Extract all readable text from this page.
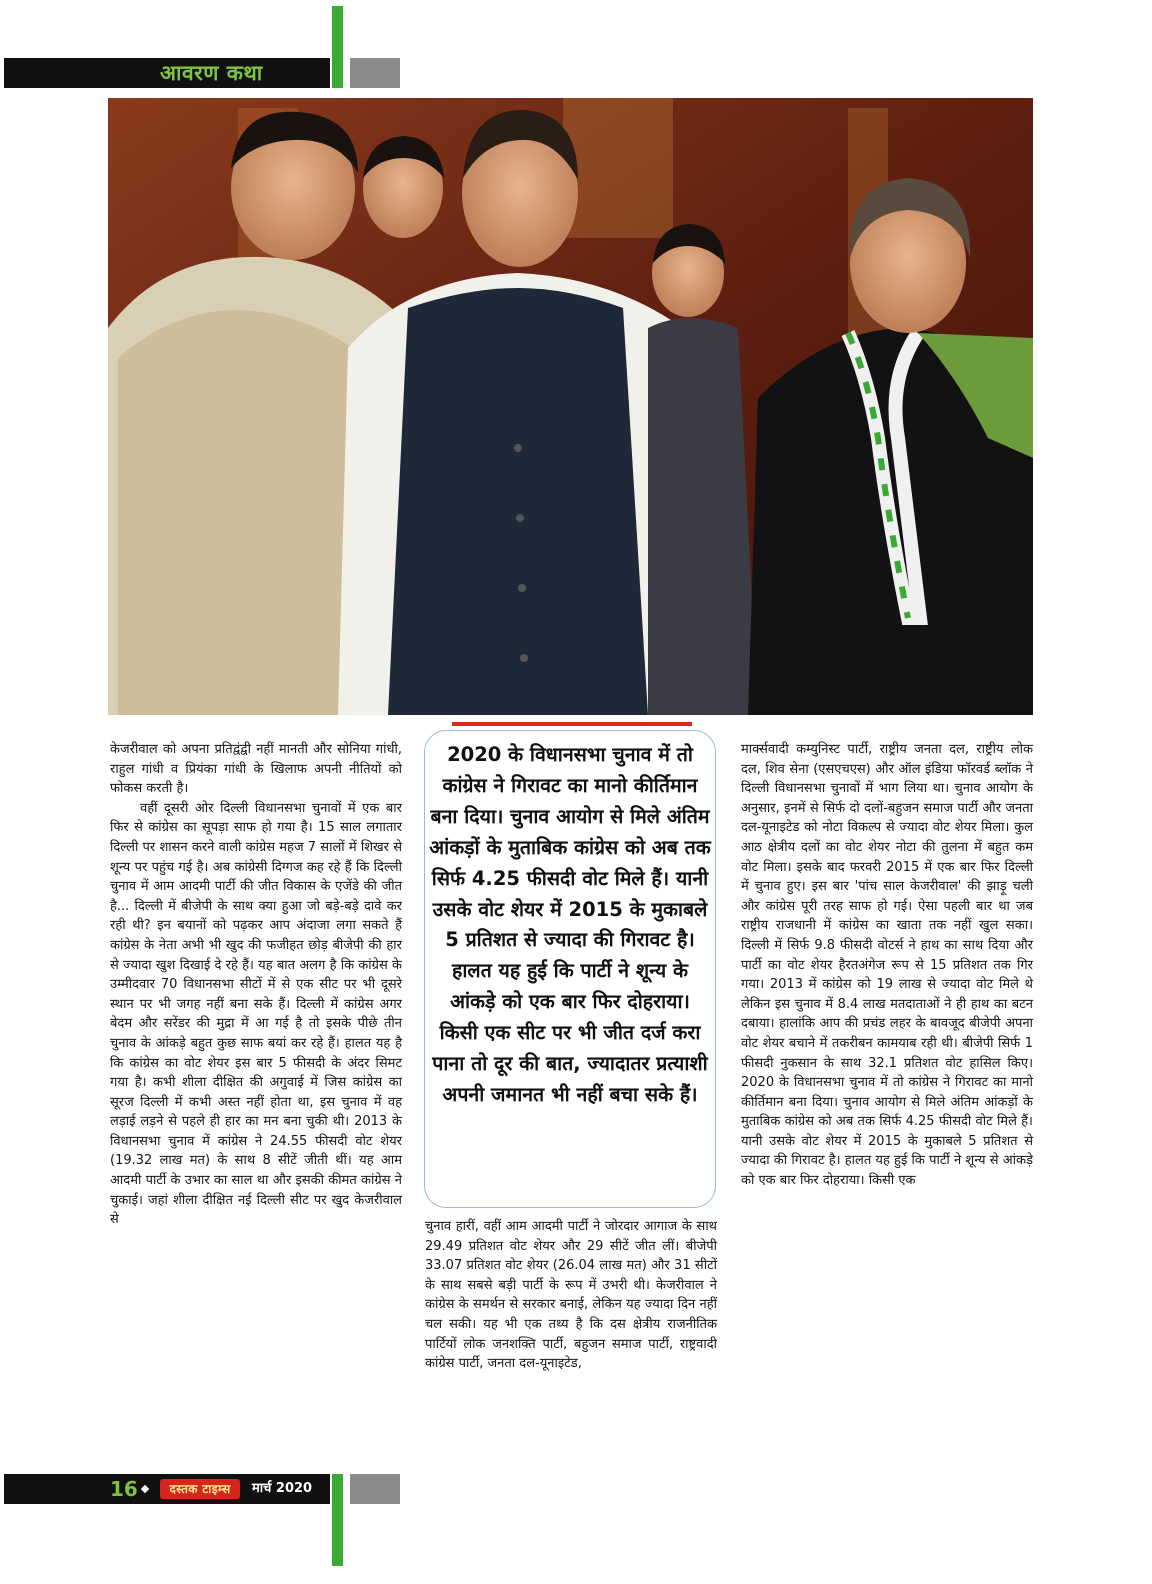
आवरण कथा

केजरीवाल को अपना प्रतिद्वंद्वी नहीं मानती और सोनिया गांधी, राहुल गांधी व प्रियंका गांधी के खिलाफ अपनी नीतियों को फोकस करती है।

वहीं दूसरी ओर दिल्ली विधानसभा चुनावों में एक बार फिर से कांग्रेस का सूपड़ा साफ हो गया है। 15 साल लगातार दिल्ली पर शासन करने वाली कांग्रेस महज 7 सालों में शिखर से शून्य पर पहुंच गई है। अब कांग्रेसी दिग्गज कह रहे हैं कि दिल्ली चुनाव में आम आदमी पार्टी की जीत विकास के एजेंडे की जीत है... दिल्ली में बीजेपी के साथ क्या हुआ जो बड़े-बड़े दावे कर रही थी? इन बयानों को पढ़कर आप अंदाजा लगा सकते हैं कांग्रेस के नेता अभी भी खुद की फजीहत छोड़ बीजेपी की हार से ज्यादा खुश दिखाई दे रहे हैं। यह बात अलग है कि कांग्रेस के उम्मीदवार 70 विधानसभा सीटों में से एक सीट पर भी दूसरे स्थान पर भी जगह नहीं बना सके हैं। दिल्ली में कांग्रेस अगर बेदम और सरेंडर की मुद्रा में आ गई है तो इसके पीछे तीन चुनाव के आंकड़े बहुत कुछ साफ बयां कर रहे हैं। हालत यह है कि कांग्रेस का वोट शेयर इस बार 5 फीसदी के अंदर सिमट गया है। कभी शीला दीक्षित की अगुवाई में जिस कांग्रेस का सूरज दिल्ली में कभी अस्त नहीं होता था, इस चुनाव में वह लड़ाई लड़ने से पहले ही हार का मन बना चुकी थी। 2013 के विधानसभा चुनाव में कांग्रेस ने 24.55 फीसदी वोट शेयर (19.32 लाख मत) के साथ 8 सीटें जीती थीं। यह आम आदमी पार्टी के उभार का साल था और इसकी कीमत कांग्रेस ने चुकाई। जहां शीला दीक्षित नई दिल्ली सीट पर खुद केजरीवाल से

2020 के विधानसभा चुनाव में तो कांग्रेस ने गिरावट का मानो कीर्तिमान बना दिया। चुनाव आयोग से मिले अंतिम आंकड़ों के मुताबिक कांग्रेस को अब तक सिर्फ 4.25 फीसदी वोट मिले हैं। यानी उसके वोट शेयर में 2015 के मुकाबले 5 प्रतिशत से ज्यादा की गिरावट है। हालत यह हुई कि पार्टी ने शून्य के आंकड़े को एक बार फिर दोहराया। किसी एक सीट पर भी जीत दर्ज करा पाना तो दूर की बात, ज्यादातर प्रत्याशी अपनी जमानत भी नहीं बचा सके हैं।

चुनाव हारीं, वहीं आम आदमी पार्टी ने जोरदार आगाज के साथ 29.49 प्रतिशत वोट शेयर और 29 सीटें जीत लीं। बीजेपी 33.07 प्रतिशत वोट शेयर (26.04 लाख मत) और 31 सीटों के साथ सबसे बड़ी पार्टी के रूप में उभरी थी। केजरीवाल ने कांग्रेस के समर्थन से सरकार बनाई, लेकिन यह ज्यादा दिन नहीं चल सकी। यह भी एक तथ्य है कि दस क्षेत्रीय राजनीतिक पार्टियों लोक जनशक्ति पार्टी, बहुजन समाज पार्टी, राष्ट्रवादी कांग्रेस पार्टी, जनता दल-यूनाइटेड,

मार्क्सवादी कम्युनिस्ट पार्टी, राष्ट्रीय जनता दल, राष्ट्रीय लोक दल, शिव सेना (एसएचएस) और ऑल इंडिया फॉरवर्ड ब्लॉक ने दिल्ली विधानसभा चुनावों में भाग लिया था। चुनाव आयोग के अनुसार, इनमें से सिर्फ दो दलों-बहुजन समाज पार्टी और जनता दल-यूनाइटेड को नोटा विकल्प से ज्यादा वोट शेयर मिला। कुल आठ क्षेत्रीय दलों का वोट शेयर नोटा की तुलना में बहुत कम वोट मिला। इसके बाद फरवरी 2015 में एक बार फिर दिल्ली में चुनाव हुए। इस बार 'पांच साल केजरीवाल' की झाड़ू चली और कांग्रेस पूरी तरह साफ हो गई। ऐसा पहली बार था जब राष्ट्रीय राजधानी में कांग्रेस का खाता तक नहीं खुल सका। दिल्ली में सिर्फ 9.8 फीसदी वोटर्स ने हाथ का साथ दिया और पार्टी का वोट शेयर हैरतअंगेज रूप से 15 प्रतिशत तक गिर गया। 2013 में कांग्रेस को 19 लाख से ज्यादा वोट मिले थे लेकिन इस चुनाव में 8.4 लाख मतदाताओं ने ही हाथ का बटन दबाया। हालांकि आप की प्रचंड लहर के बावजूद बीजेपी अपना वोट शेयर बचाने में तकरीबन कामयाब रही थी। बीजेपी सिर्फ 1 फीसदी नुकसान के साथ 32.1 प्रतिशत वोट हासिल किए। 2020 के विधानसभा चुनाव में तो कांग्रेस ने गिरावट का मानो कीर्तिमान बना दिया। चुनाव आयोग से मिले अंतिम आंकड़ों के मुताबिक कांग्रेस को अब तक सिर्फ 4.25 फीसदी वोट मिले हैं। यानी उसके वोट शेयर में 2015 के मुकाबले 5 प्रतिशत से ज्यादा की गिरावट है। हालत यह हुई कि पार्टी ने शून्य से आंकड़े को एक बार फिर दोहराया। किसी एक

16	दस्तक टाइम्स	मार्च 2020
